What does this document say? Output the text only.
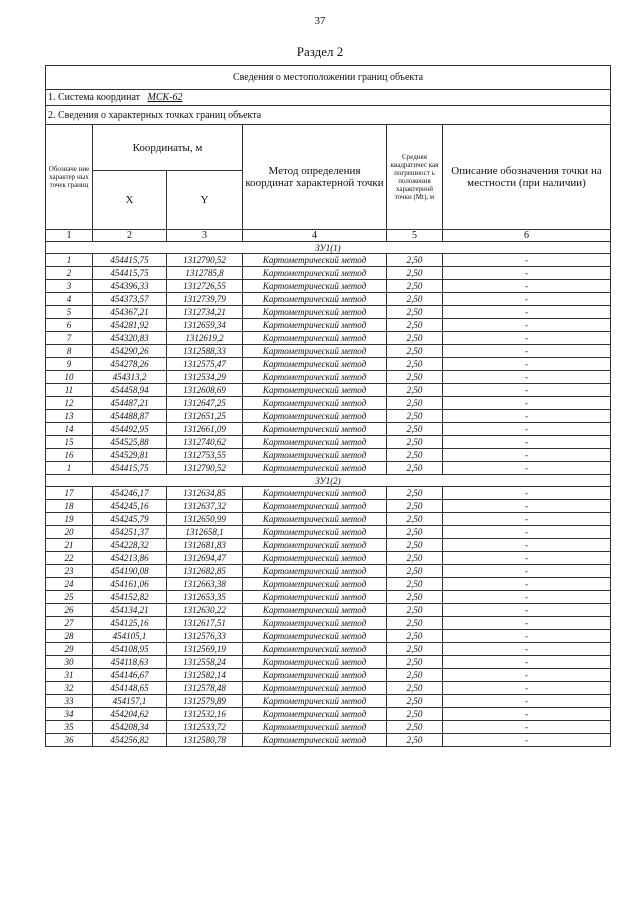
37
Раздел 2
Сведения о местоположении границ объекта					
1. Система координат МСК-62					
2. Сведения о характерных точках границ объекта					
Обозначе ние характер ных точек границ	Координаты, м		Метод определения координат характерной точки	Средняя квадратичес кая погрешност ь положения характерной точки (Mt), м	Описание обозначения точки на местности (при наличии)
	X	Y			
1	2	3	4	5	6
ЗУ1(1)					
1	454415,75	1312790,52	Картометрический метод	2,50	-
2	454415,75	1312785,8	Картометрический метод	2,50	-
3	454396,33	1312726,55	Картометрический метод	2,50	-
4	454373,57	1312739,79	Картометрический метод	2,50	-
5	454367,21	1312734,21	Картометрический метод	2,50	-
6	454281,92	1312659,34	Картометрический метод	2,50	-
7	454320,83	1312619,2	Картометрический метод	2,50	-
8	454290,26	1312588,33	Картометрический метод	2,50	-
9	454278,26	1312575,47	Картометрический метод	2,50	-
10	454313,2	1312534,29	Картометрический метод	2,50	-
11	454458,94	1312608,69	Картометрический метод	2,50	-
12	454487,21	1312647,25	Картометрический метод	2,50	-
13	454488,87	1312651,25	Картометрический метод	2,50	-
14	454492,95	1312661,09	Картометрический метод	2,50	-
15	454525,88	1312740,62	Картометрический метод	2,50	-
16	454529,81	1312753,55	Картометрический метод	2,50	-
1	454415,75	1312790,52	Картометрический метод	2,50	-
ЗУ1(2)					
17	454246,17	1312634,85	Картометрический метод	2,50	-
18	454245,16	1312637,32	Картометрический метод	2,50	-
19	454245,79	1312650,99	Картометрический метод	2,50	-
20	454251,37	1312658,1	Картометрический метод	2,50	-
21	454228,32	1312681,83	Картометрический метод	2,50	-
22	454213,86	1312694,47	Картометрический метод	2,50	-
23	454190,08	1312682,85	Картометрический метод	2,50	-
24	454161,06	1312663,38	Картометрический метод	2,50	-
25	454152,82	1312653,35	Картометрический метод	2,50	-
26	454134,21	1312630,22	Картометрический метод	2,50	-
27	454125,16	1312617,51	Картометрический метод	2,50	-
28	454105,1	1312576,33	Картометрический метод	2,50	-
29	454108,95	1312569,19	Картометрический метод	2,50	-
30	454118,63	1312558,24	Картометрический метод	2,50	-
31	454146,67	1312582,14	Картометрический метод	2,50	-
32	454148,65	1312578,48	Картометрический метод	2,50	-
33	454157,1	1312579,89	Картометрический метод	2,50	-
34	454204,62	1312532,16	Картометрический метод	2,50	-
35	454208,34	1312533,72	Картометрический метод	2,50	-
36	454256,82	1312580,78	Картометрический метод	2,50	-
